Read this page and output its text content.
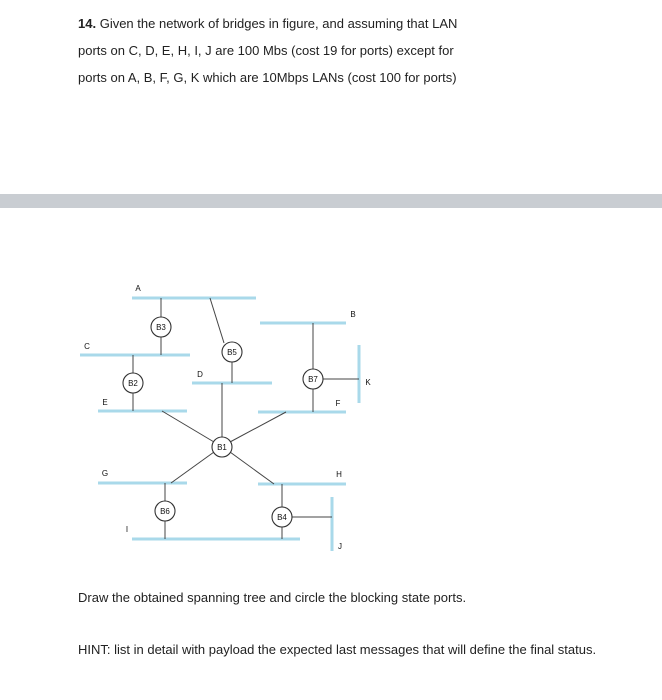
14. Given the network of bridges in figure, and assuming that LAN
ports on C, D, E, H, I, J are 100 Mbs (cost 19 for ports) except for
ports on A, B, F, G, K which are 10Mbps LANs (cost 100 for ports)
B3
B5
B2	B7
B1
B6
B4
A
B
C
D
E	F
G	H
I
J
K
Draw the obtained spanning tree and circle the blocking state ports.
HINT: list in detail with payload the expected last messages that will define the final status.
